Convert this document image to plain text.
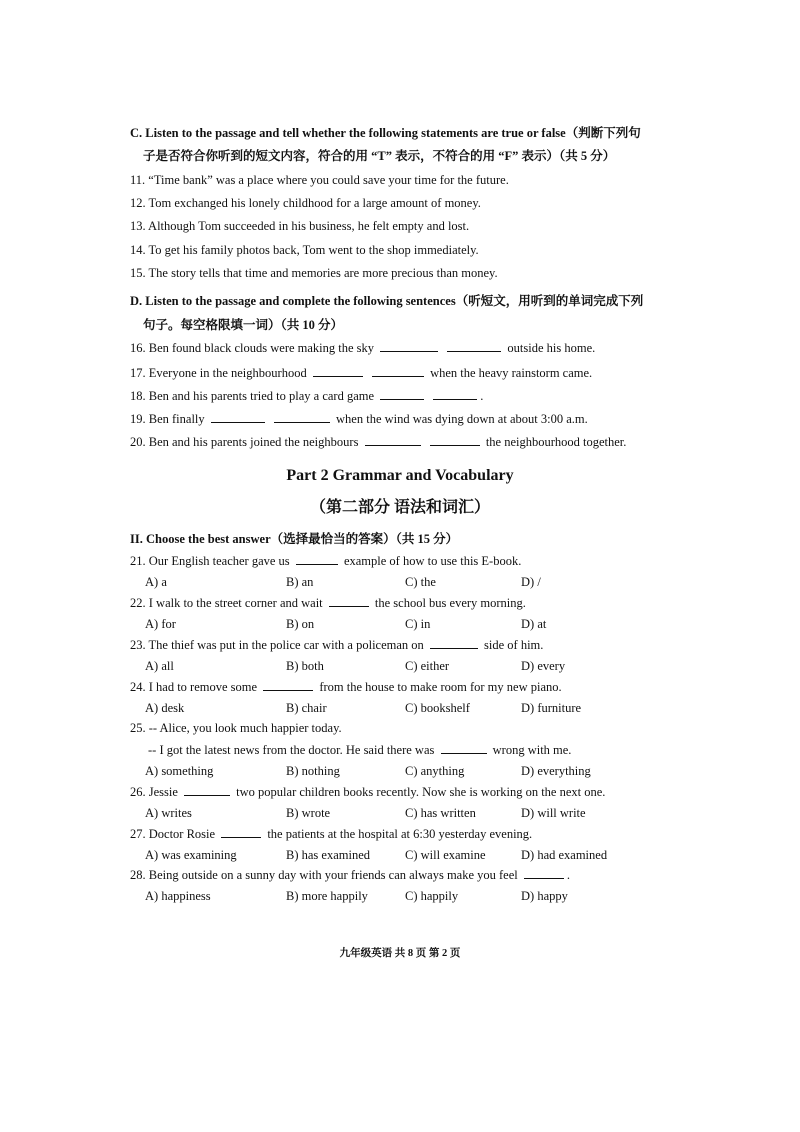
C. Listen to the passage and tell whether the following statements are true or false（判断下列句
子是否符合你听到的短文内容，符合的用 “T” 表示，不符合的用 “F” 表示）（共 5 分）
11. “Time bank” was a place where you could save your time for the future.
12. Tom exchanged his lonely childhood for a large amount of money.
13. Although Tom succeeded in his business, he felt empty and lost.
14. To get his family photos back, Tom went to the shop immediately.
15. The story tells that time and memories are more precious than money.
D. Listen to the passage and complete the following sentences（听短文，用听到的单词完成下列
句子。每空格限填一词）（共 10 分）
16. Ben found black clouds were making the sky	outside his home.
17. Everyone in the neighbourhood	when the heavy rainstorm came.
18. Ben and his parents tried to play a card game	.
19. Ben finally	when the wind was dying down at about 3:00 a.m.
20. Ben and his parents joined the neighbours	the neighbourhood together.
Part 2 Grammar and Vocabulary
（第二部分 语法和词汇）
II. Choose the best answer（选择最恰当的答案）（共 15 分）
21. Our English teacher gave us	example of how to use this E-book.
A) a	B) an	C) the	D) /
22. I walk to the street corner and wait	the school bus every morning.
A) for	B) on	C) in	D) at
23. The thief was put in the police car with a policeman on	side of him.
A) all	B) both	C) either	D) every
24. I had to remove some	from the house to make room for my new piano.
A) desk	B) chair	C) bookshelf	D) furniture
25. -- Alice, you look much happier today.
-- I got the latest news from the doctor. He said there was	wrong with me.
A) something	B) nothing	C) anything	D) everything
26. Jessie	two popular children books recently. Now she is working on the next one.
A) writes	B) wrote	C) has written	D) will write
27. Doctor Rosie	the patients at the hospital at 6:30 yesterday evening.
A) was examining	B) has examined	C) will examine	D) had examined
28. Being outside on a sunny day with your friends can always make you feel	.
A) happiness	B) more happily	C) happily	D) happy
九年级英语 共 8 页 第 2 页
